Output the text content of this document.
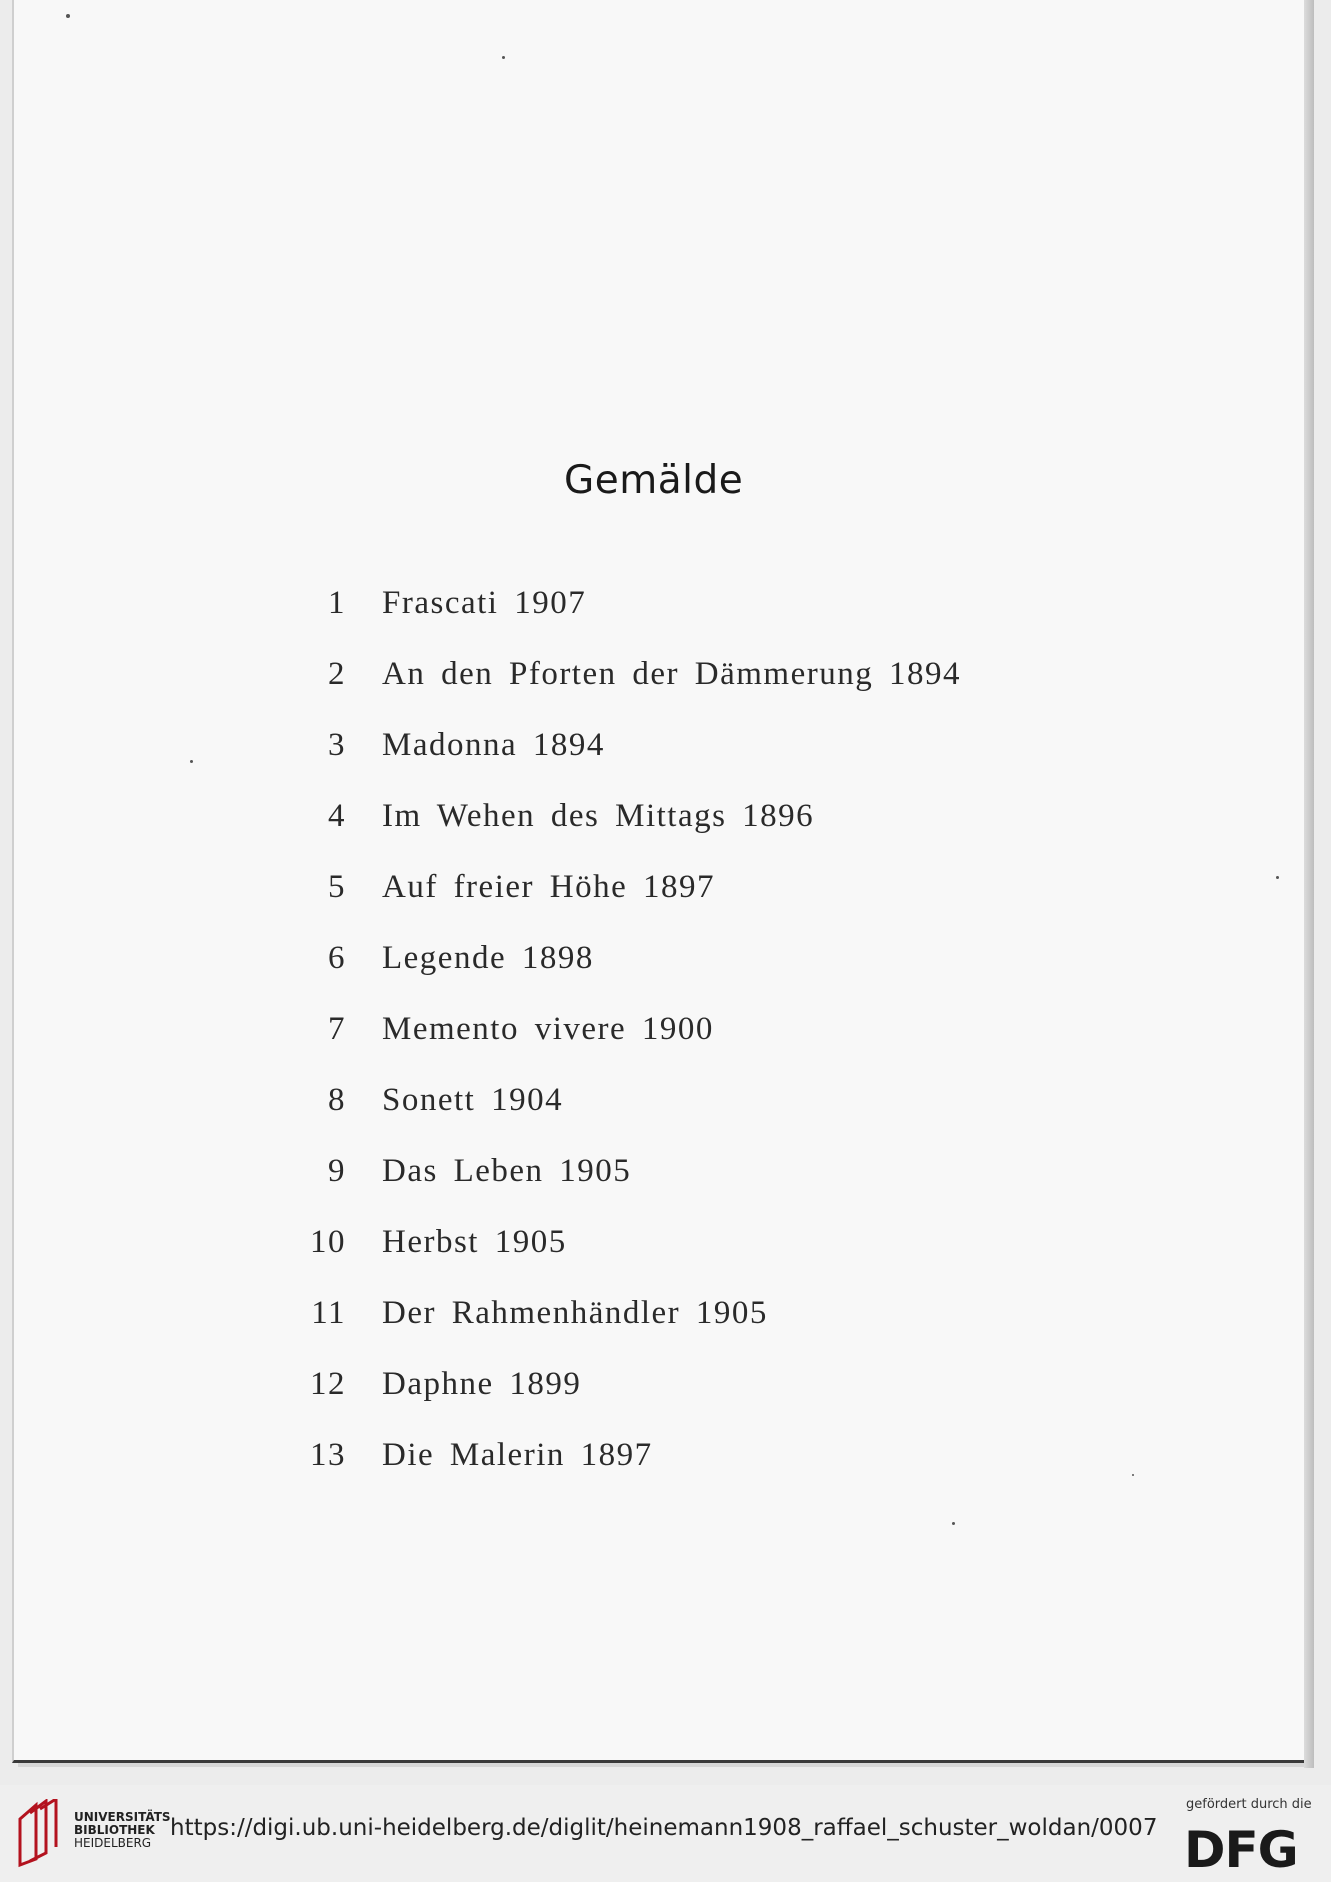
Gemälde
1 Frascati 1907
2 An den Pforten der Dämmerung 1894
3 Madonna 1894
4 Im Wehen des Mittags 1896
5 Auf freier Höhe 1897
6 Legende 1898
7 Memento vivere 1900
8 Sonett 1904
9 Das Leben 1905
10 Herbst 1905
11 Der Rahmenhändler 1905
12 Daphne 1899
13 Die Malerin 1897
UNIVERSITÄTS
BIBLIOTHEK
HEIDELBERG
https://digi.ub.uni-heidelberg.de/diglit/heinemann1908_raffael_schuster_woldan/0007
gefördert durch die
DFG
